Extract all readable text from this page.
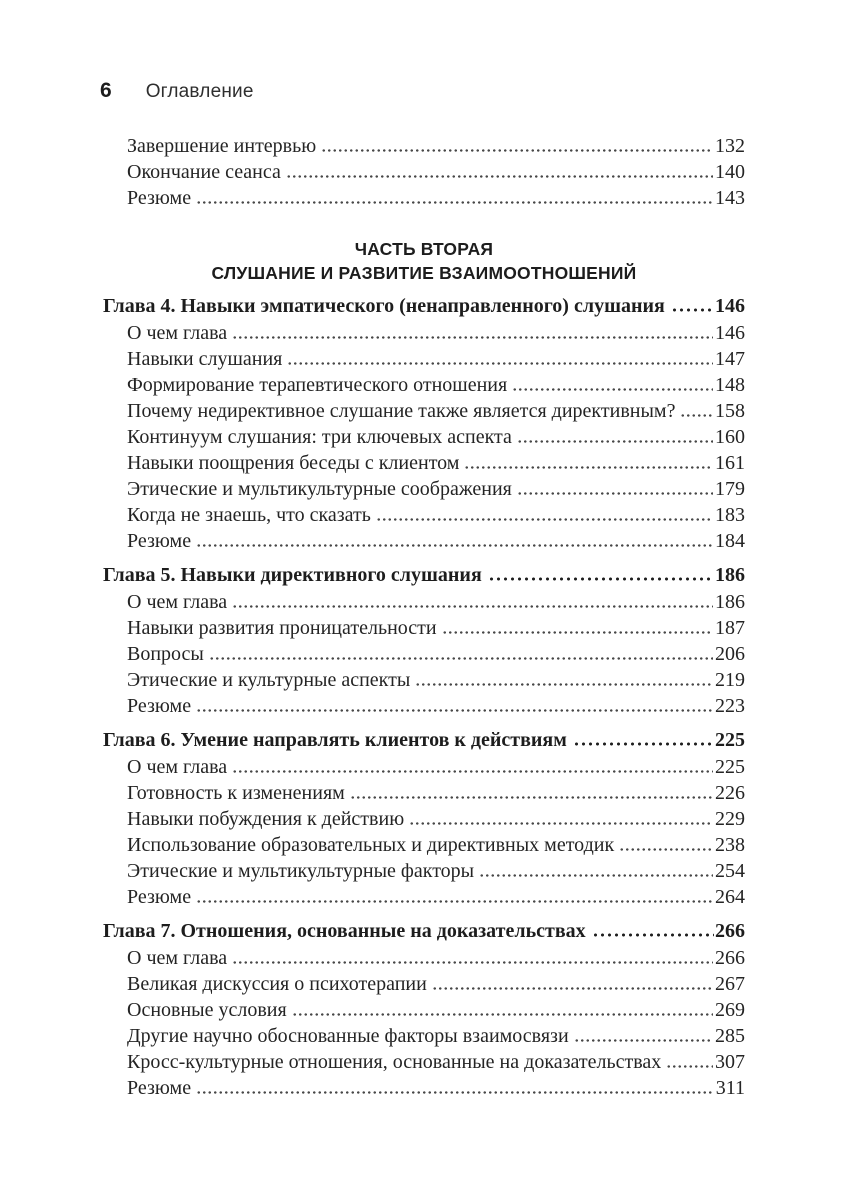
6 Оглавление
Завершение интервью	132
Окончание сеанса	140
Резюме	143
ЧАСТЬ ВТОРАЯ
СЛУШАНИЕ И РАЗВИТИЕ ВЗАИМООТНОШЕНИЙ
Глава 4. Навыки эмпатического (ненаправленного) слушания	146
О чем глава	146
Навыки слушания	147
Формирование терапевтического отношения	148
Почему недирективное слушание также является директивным? 158
Континуум слушания: три ключевых аспекта	160
Навыки поощрения беседы с клиентом	161
Этические и мультикультурные соображения	179
Когда не знаешь, что сказать	183
Резюме	184
Глава 5. Навыки директивного слушания	186
О чем глава	186
Навыки развития проницательности	187
Вопросы	206
Этические и культурные аспекты	219
Резюме	223
Глава 6. Умение направлять клиентов к действиям	225
О чем глава	225
Готовность к изменениям	226
Навыки побуждения к действию	229
Использование образовательных и директивных методик	238
Этические и мультикультурные факторы	254
Резюме	264
Глава 7. Отношения, основанные на доказательствах	266
О чем глава	266
Великая дискуссия о психотерапии	267
Основные условия	269
Другие научно обоснованные факторы взаимосвязи	285
Кросс-культурные отношения, основанные на доказательствах	307
Резюме	311
